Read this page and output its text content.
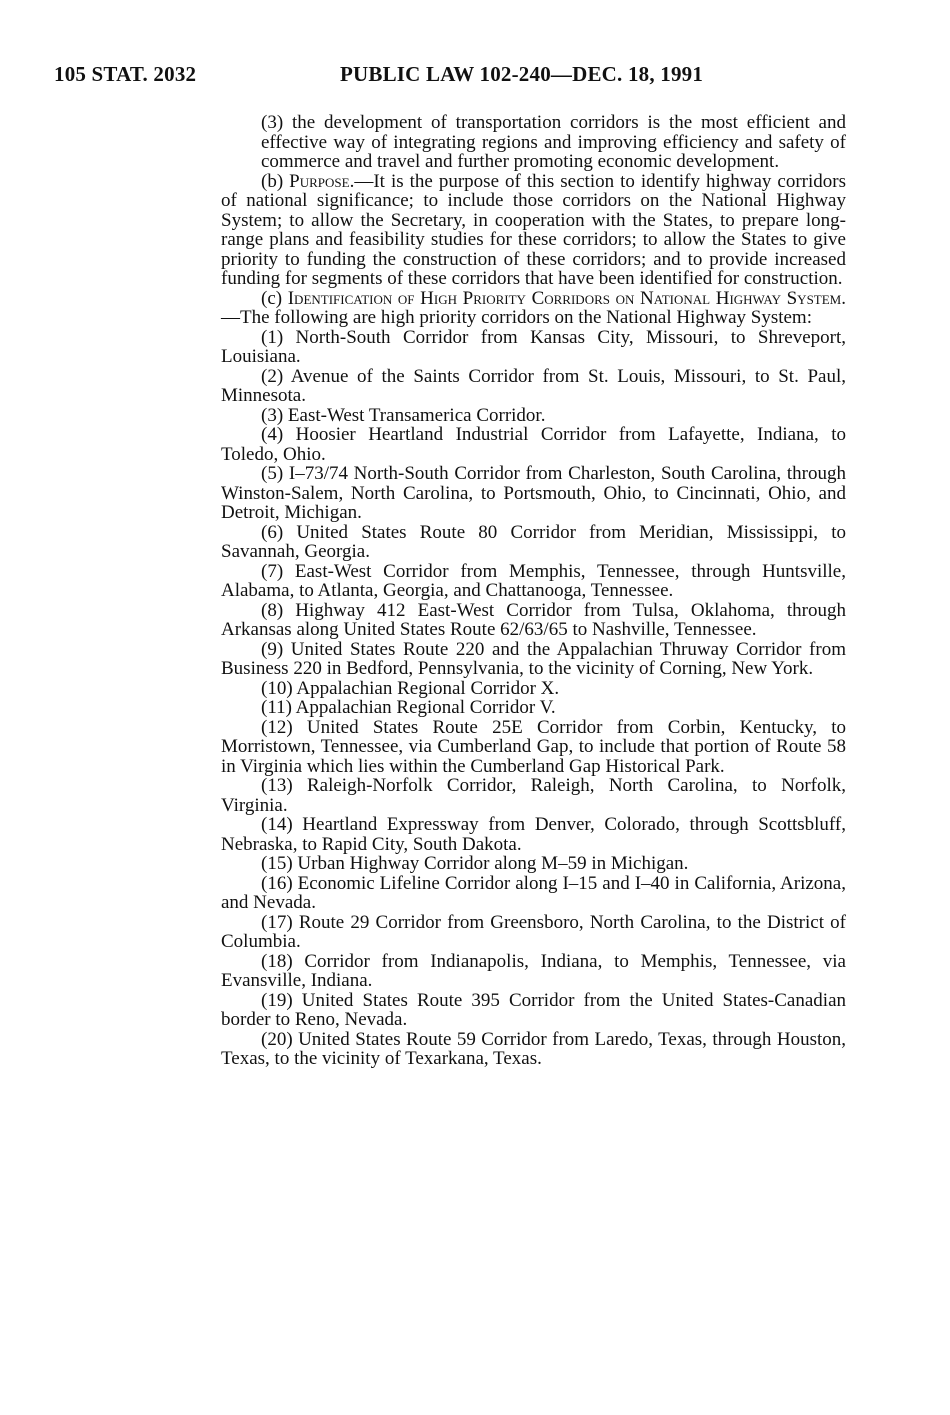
105 STAT. 2032	PUBLIC LAW 102-240—DEC. 18, 1991

(3) the development of transportation corridors is the most efficient and effective way of integrating regions and improving efficiency and safety of commerce and travel and further promoting economic development.

(b) Purpose.—It is the purpose of this section to identify highway corridors of national significance; to include those corridors on the National Highway System; to allow the Secretary, in cooperation with the States, to prepare long-range plans and feasibility studies for these corridors; to allow the States to give priority to funding the construction of these corridors; and to provide increased funding for segments of these corridors that have been identified for construction.

(c) Identification of High Priority Corridors on National Highway System.—The following are high priority corridors on the National Highway System:

(1) North-South Corridor from Kansas City, Missouri, to Shreveport, Louisiana.

(2) Avenue of the Saints Corridor from St. Louis, Missouri, to St. Paul, Minnesota.

(3) East-West Transamerica Corridor.

(4) Hoosier Heartland Industrial Corridor from Lafayette, Indiana, to Toledo, Ohio.

(5) I–73/74 North-South Corridor from Charleston, South Carolina, through Winston-Salem, North Carolina, to Portsmouth, Ohio, to Cincinnati, Ohio, and Detroit, Michigan.

(6) United States Route 80 Corridor from Meridian, Mississippi, to Savannah, Georgia.

(7) East-West Corridor from Memphis, Tennessee, through Huntsville, Alabama, to Atlanta, Georgia, and Chattanooga, Tennessee.

(8) Highway 412 East-West Corridor from Tulsa, Oklahoma, through Arkansas along United States Route 62/63/65 to Nashville, Tennessee.

(9) United States Route 220 and the Appalachian Thruway Corridor from Business 220 in Bedford, Pennsylvania, to the vicinity of Corning, New York.

(10) Appalachian Regional Corridor X.

(11) Appalachian Regional Corridor V.

(12) United States Route 25E Corridor from Corbin, Kentucky, to Morristown, Tennessee, via Cumberland Gap, to include that portion of Route 58 in Virginia which lies within the Cumberland Gap Historical Park.

(13) Raleigh-Norfolk Corridor, Raleigh, North Carolina, to Norfolk, Virginia.

(14) Heartland Expressway from Denver, Colorado, through Scottsbluff, Nebraska, to Rapid City, South Dakota.

(15) Urban Highway Corridor along M–59 in Michigan.

(16) Economic Lifeline Corridor along I–15 and I–40 in California, Arizona, and Nevada.

(17) Route 29 Corridor from Greensboro, North Carolina, to the District of Columbia.

(18) Corridor from Indianapolis, Indiana, to Memphis, Tennessee, via Evansville, Indiana.

(19) United States Route 395 Corridor from the United States-Canadian border to Reno, Nevada.

(20) United States Route 59 Corridor from Laredo, Texas, through Houston, Texas, to the vicinity of Texarkana, Texas.
